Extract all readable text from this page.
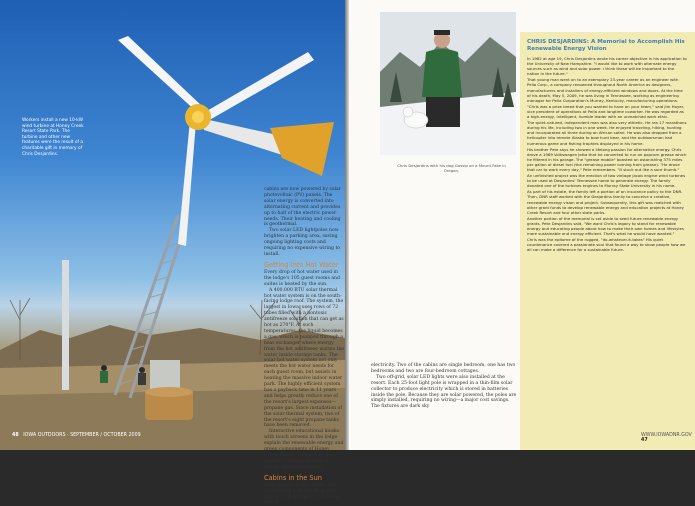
Workers install a new 10-kW wind turbine at Honey Creek Resort State Park. The turbine and other new features were the result of a charitable gift in memory of Chris Desjardins.
48 IOWA OUTDOORS · SEPTEMBER / OCTOBER 2009
Chris Desjardins with his dog Gossip on a Mount Fake in Oregon.
CHRIS DESJARDINS: A Memorial to Accomplish His Renewable Energy Vision

In 1982 at age 19, Chris Desjardins wrote his career objective in his application to the University of New Hampshire. "I would like to work with alternate energy sources such as wind and solar power. I think these will be important to the nation in the future."

That young man went on to an exemplary 23-year career as an engineer with Pella Corp., a company renowned throughout North America as designers, manufacturers and installers of energy-efficient windows and doors. At the time of his death, May 5, 2009, he was living in Tennessee, working as engineering manager for Pella Corporation's Murray, Kentucky, manufacturing operations.

"Chris was a prize breed that you wanted to have on your team," said Jim Hoyer, vice president of operations at Pella and longtime coworker. He was regarded as a high-energy, intelligent, humble leader with an unmatched work ethic.

The quiet-natured, independent man was also very athletic. He ran 17 marathons during his life, including two in one week. He enjoyed traveling, hiking, hunting and incorporated all three during an African safari. He was also dropped from a helicopter into remote Alaska to bow hunt bear, and the outdoorsman had numerous game and fishing trophies displayed in his home.

His brother Pete says he showed a lifelong passion for alternative energy. Chris drove a 1969 Volkswagen Jetta that he converted to run on popcorn grease which he filtered in his garage. The "grease mobile" boasted an astonishing 375 miles per gallon of diesel fuel (the remaining power coming from grease). "He drove that car to work every day," Pete remembers. "It stuck out like a sore thumb."

An unfinished project was the erection of two vintage Jacob engine wind turbines to be used at Desjardins' Tennessee home to generate energy. The family donated one of the turbines engines to Murray State University in his name.

As part of his estate, the family left a portion of an insurance policy to the DNR. Then, DNR staff worked with the Desjardins family to conceive a creative, renewable energy vision and project. Subsequently, this gift was matched with other grant funds to develop renewable energy and education projects at Honey Creek Resort and four other state parks.

Another portion of the memorial is set aside to seed future renewable energy grants. Pete Desjardins said, "We want Chris's legacy to stand for renewable energy and educating people about how to make their own homes and lifestyles more sustainable and energy efficient. That's what he would have wanted."

Chris was the epitome of the rugged, "do-whatever-it-takes" His quiet countenance covered a passionate soul that found a way to show people how we all can make a difference for a sustainable future.

WWW.IOWADNR.GOV 47

cabins are now powered by solar photovoltaic (PV) panels. The solar energy is converted into alternating current and provides up to half of the electric power needs. Their heating and cooling is geothermal.

Two solar LED lightpoles now brighten a parking area, saving ongoing lighting costs and requiring no expensive wiring to install.

Getting Into Hot Water

Every drop of hot water used in the lodge's 105 guest rooms and suites is heated by the sun.

A 400,000 BTU solar thermal hot water system is on the south-facing lodge roof. The system, the largest in Iowa, uses rows of 72 tubes filled with a nontoxic antifreeze solution that can get as hot as 270°F. At such temperatures, the liquid becomes a gas, which is pumped through a heat exchanger where energy from the hot antifreeze warms the water inside storage tanks. The solar hot water system not only meets the hot water needs for each guest room, but assists in heating the massive indoor water park. The highly efficient system has a payback time in 11 years and helps greatly reduce one of the resort's largest expenses—propane gas. Since installation of the solar thermal system, two of the resort's eight propane tanks have been removed.

Interactive educational kiosks with touch screens in the lodge explain the renewable energy and green components of Honey Creek Resort. Comparisons are made to traditional costs of energy and maintenance.

Cabins in the Sun

Solar panels on five cabins are powered by 1.38 kW PV panels, where solar energy is converted into AC

electricity. Two of the cabins are single bedroom, one has two bedrooms and two are four-bedroom cottages.

Two off-grid, solar LED lights were also installed at the resort. Each 25-foot light pole is wrapped in a thin-film solar collector to produce electricity which is stored in batteries inside the pole. Because they are solar powered, the poles are simply installed, requiring no wiring—a major cost savings. The fixtures are dark sky
